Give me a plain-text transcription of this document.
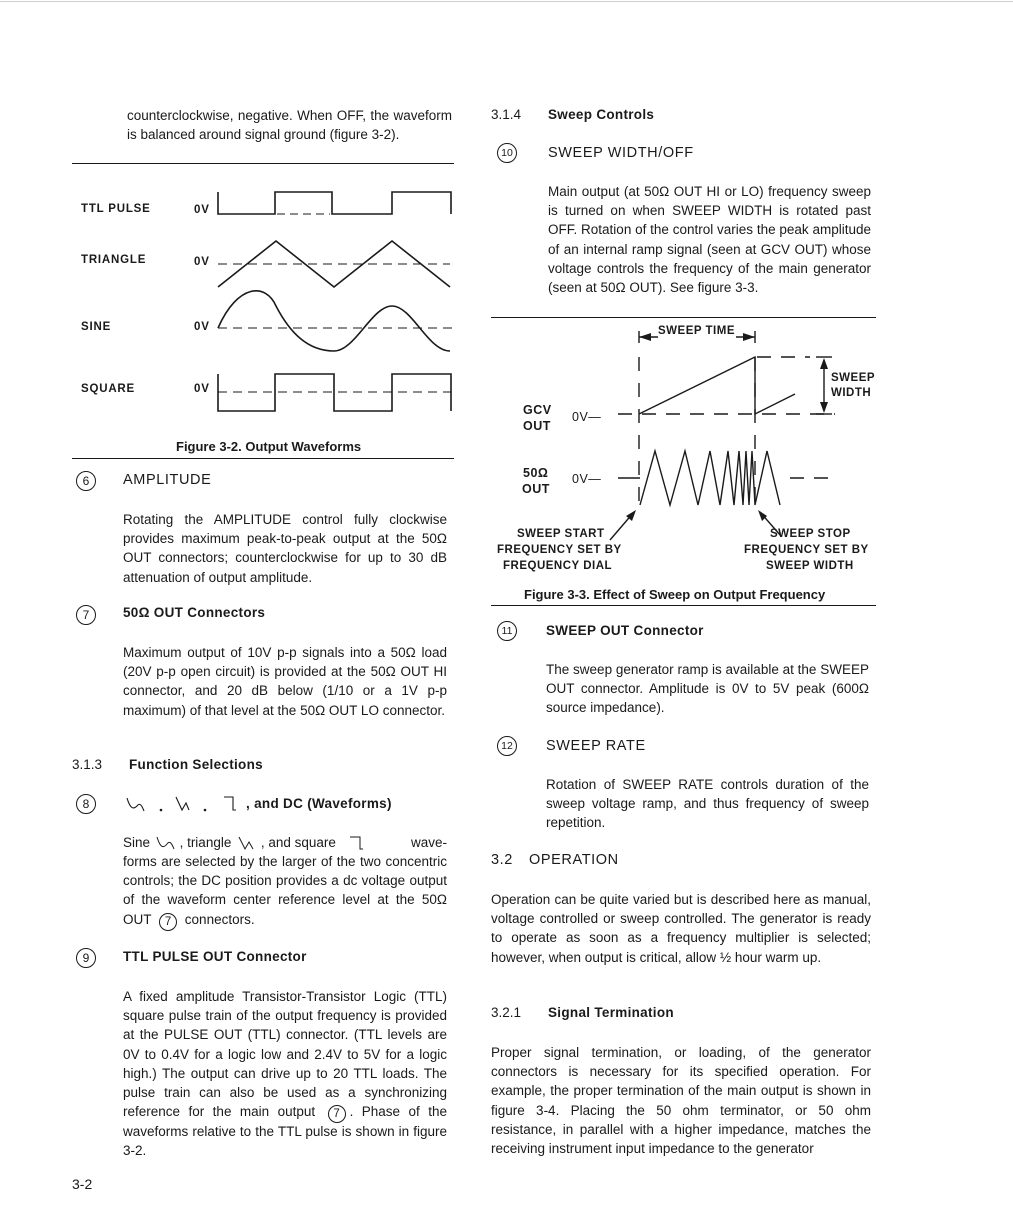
counterclockwise, negative. When OFF, the waveform is balanced around signal ground (figure 3-2).

TTL PULSE
TRIANGLE
SINE
SQUARE
0V
0V
0V
0V
Figure 3-2. Output Waveforms
6	AMPLITUDE

Rotating the AMPLITUDE control fully clockwise provides maximum peak-to-peak output at the 50Ω OUT connectors; counterclockwise for up to 30 dB attenuation of output amplitude.

7	50Ω OUT Connectors

Maximum output of 10V p-p signals into a 50Ω load (20V p-p open circuit) is provided at the 50Ω OUT HI connector, and 20 dB below (1/10 or a 1V p-p maximum) of that level at the 50Ω OUT LO connector.

3.1.3 Function Selections
8	, and DC (Waveforms)
Sine , triangle , and square	wave-
forms are selected by the larger of the two concentric controls; the DC position provides a dc voltage output of the waveform center reference level at the 50Ω OUT 7 connectors.
9	TTL PULSE OUT Connector
A fixed amplitude Transistor-Transistor Logic (TTL) square pulse train of the output frequency is provided at the PULSE OUT (TTL) connector. (TTL levels are 0V to 0.4V for a logic low and 2.4V to 5V for a logic high.) The output can drive up to 20 TTL loads. The pulse train can also be used as a synchronizing reference for the main output 7 . Phase of the waveforms relative to the TTL pulse is shown in figure 3-2.
3-2
3.1.4 Sweep Controls
10 SWEEP WIDTH/OFF

Main output (at 50Ω OUT HI or LO) frequency sweep is turned on when SWEEP WIDTH is rotated past OFF. Rotation of the control varies the peak amplitude of an internal ramp signal (seen at GCV OUT) whose voltage controls the frequency of the main generator (seen at 50Ω OUT). See figure 3-3.

SWEEP TIME
SWEEP
WIDTH
GCV
OUT
0V—
50Ω
OUT
0V—
SWEEP START
FREQUENCY SET BY
FREQUENCY DIAL
SWEEP STOP
FREQUENCY SET BY
SWEEP WIDTH
Figure 3-3. Effect of Sweep on Output Frequency
11	SWEEP OUT Connector

The sweep generator ramp is available at the SWEEP OUT connector. Amplitude is 0V to 5V peak (600Ω source impedance).

12 SWEEP RATE

Rotation of SWEEP RATE controls duration of the sweep voltage ramp, and thus frequency of sweep repetition.

3.2 OPERATION

Operation can be quite varied but is described here as manual, voltage controlled or sweep controlled. The generator is ready to operate as soon as a frequency multiplier is selected; however, when output is critical, allow ½ hour warm up.

3.2.1 Signal Termination

Proper signal termination, or loading, of the generator connectors is necessary for its specified operation. For example, the proper termination of the main output is shown in figure 3-4. Placing the 50 ohm terminator, or 50 ohm resistance, in parallel with a higher impedance, matches the receiving instrument input impedance to the generator
